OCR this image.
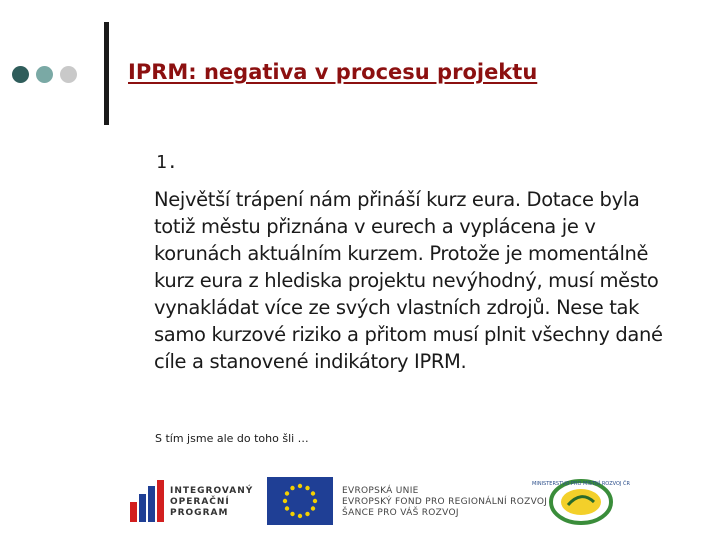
IPRM: negativa v procesu projektu
1.

Největší trápení nám přináší kurz eura. Dotace byla totiž městu přiznána v eurech a vyplácena je v korunách aktuálním kurzem. Protože je momentálně kurz eura z hlediska projektu nevýhodný, musí město vynakládat více ze svých vlastních zdrojů. Nese tak samo kurzové riziko a přitom musí plnit všechny dané cíle a stanovené indikátory IPRM.

S tím jsme ale do toho šli …
INTEGROVANÝ
OPERAČNÍ
PROGRAM
EVROPSKÁ UNIE
EVROPSKÝ FOND PRO REGIONÁLNÍ ROZVOJ
ŠANCE PRO VÁŠ ROZVOJ
MINISTERSTVO PRO MÍSTNÍ ROZVOJ ČR
